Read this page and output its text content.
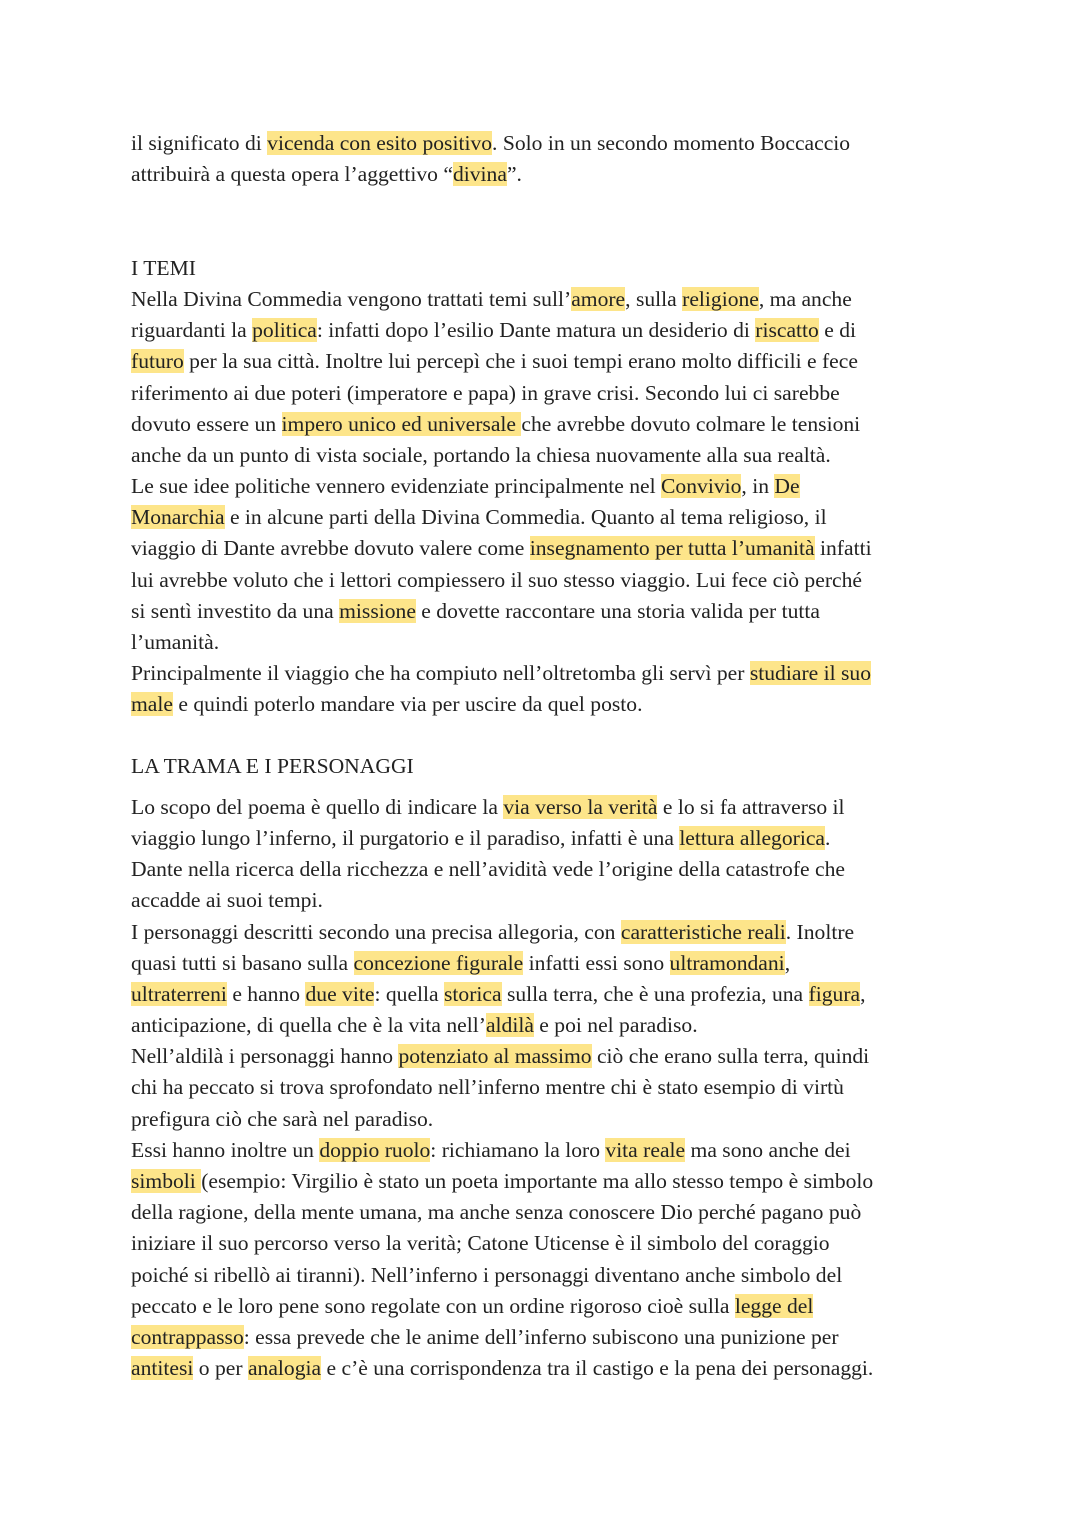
il significato di vicenda con esito positivo. Solo in un secondo momento Boccaccio
attribuirà a questa opera l’aggettivo “divina”.
I TEMI
Nella Divina Commedia vengono trattati temi sull’amore, sulla religione, ma anche
riguardanti la politica: infatti dopo l’esilio Dante matura un desiderio di riscatto e di
futuro per la sua città. Inoltre lui percepì che i suoi tempi erano molto difficili e fece
riferimento ai due poteri (imperatore e papa) in grave crisi. Secondo lui ci sarebbe
dovuto essere un impero unico ed universale che avrebbe dovuto colmare le tensioni
anche da un punto di vista sociale, portando la chiesa nuovamente alla sua realtà.
Le sue idee politiche vennero evidenziate principalmente nel Convivio, in De
Monarchia e in alcune parti della Divina Commedia. Quanto al tema religioso, il
viaggio di Dante avrebbe dovuto valere come insegnamento per tutta l’umanità infatti
lui avrebbe voluto che i lettori compiessero il suo stesso viaggio. Lui fece ciò perché
si sentì investito da una missione e dovette raccontare una storia valida per tutta
l’umanità.
Principalmente il viaggio che ha compiuto nell’oltretomba gli servì per studiare il suo
male e quindi poterlo mandare via per uscire da quel posto.
LA TRAMA E I PERSONAGGI
Lo scopo del poema è quello di indicare la via verso la verità e lo si fa attraverso il
viaggio lungo l’inferno, il purgatorio e il paradiso, infatti è una lettura allegorica.
Dante nella ricerca della ricchezza e nell’avidità vede l’origine della catastrofe che
accadde ai suoi tempi.
I personaggi descritti secondo una precisa allegoria, con caratteristiche reali. Inoltre
quasi tutti si basano sulla concezione figurale infatti essi sono ultramondani,
ultraterreni e hanno due vite: quella storica sulla terra, che è una profezia, una figura,
anticipazione, di quella che è la vita nell’aldilà e poi nel paradiso.
Nell’aldilà i personaggi hanno potenziato al massimo ciò che erano sulla terra, quindi
chi ha peccato si trova sprofondato nell’inferno mentre chi è stato esempio di virtù
prefigura ciò che sarà nel paradiso.
Essi hanno inoltre un doppio ruolo: richiamano la loro vita reale ma sono anche dei
simboli (esempio: Virgilio è stato un poeta importante ma allo stesso tempo è simbolo
della ragione, della mente umana, ma anche senza conoscere Dio perché pagano può
iniziare il suo percorso verso la verità; Catone Uticense è il simbolo del coraggio
poiché si ribellò ai tiranni). Nell’inferno i personaggi diventano anche simbolo del
peccato e le loro pene sono regolate con un ordine rigoroso cioè sulla legge del
contrappasso: essa prevede che le anime dell’inferno subiscono una punizione per
antitesi o per analogia e c’è una corrispondenza tra il castigo e la pena dei personaggi.
